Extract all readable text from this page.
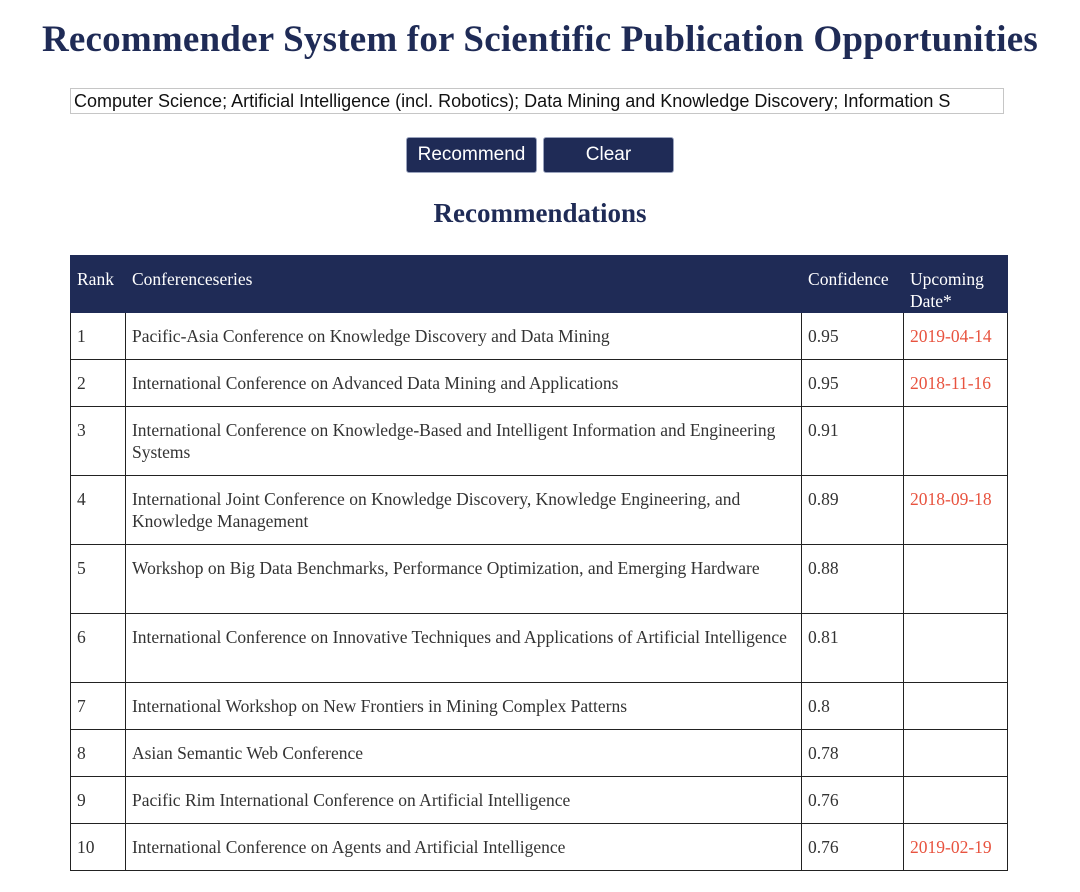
Recommender System for Scientific Publication Opportunities
Computer Science; Artificial Intelligence (incl. Robotics); Data Mining and Knowledge Discovery; Information S
Recommend	Clear
Recommendations
Rank	Conferenceseries	Confidence	Upcoming Date*
1	Pacific-Asia Conference on Knowledge Discovery and Data Mining	0.95	2019-04-14
2	International Conference on Advanced Data Mining and Applications	0.95	2018-11-16
3	International Conference on Knowledge-Based and Intelligent Information and Engineering Systems	0.91	
4	International Joint Conference on Knowledge Discovery, Knowledge Engineering, and Knowledge Management	0.89	2018-09-18
5	Workshop on Big Data Benchmarks, Performance Optimization, and Emerging Hardware	0.88	
6	International Conference on Innovative Techniques and Applications of Artificial Intelligence	0.81	
7	International Workshop on New Frontiers in Mining Complex Patterns	0.8	
8	Asian Semantic Web Conference	0.78	
9	Pacific Rim International Conference on Artificial Intelligence	0.76	
10	International Conference on Agents and Artificial Intelligence	0.76	2019-02-19
